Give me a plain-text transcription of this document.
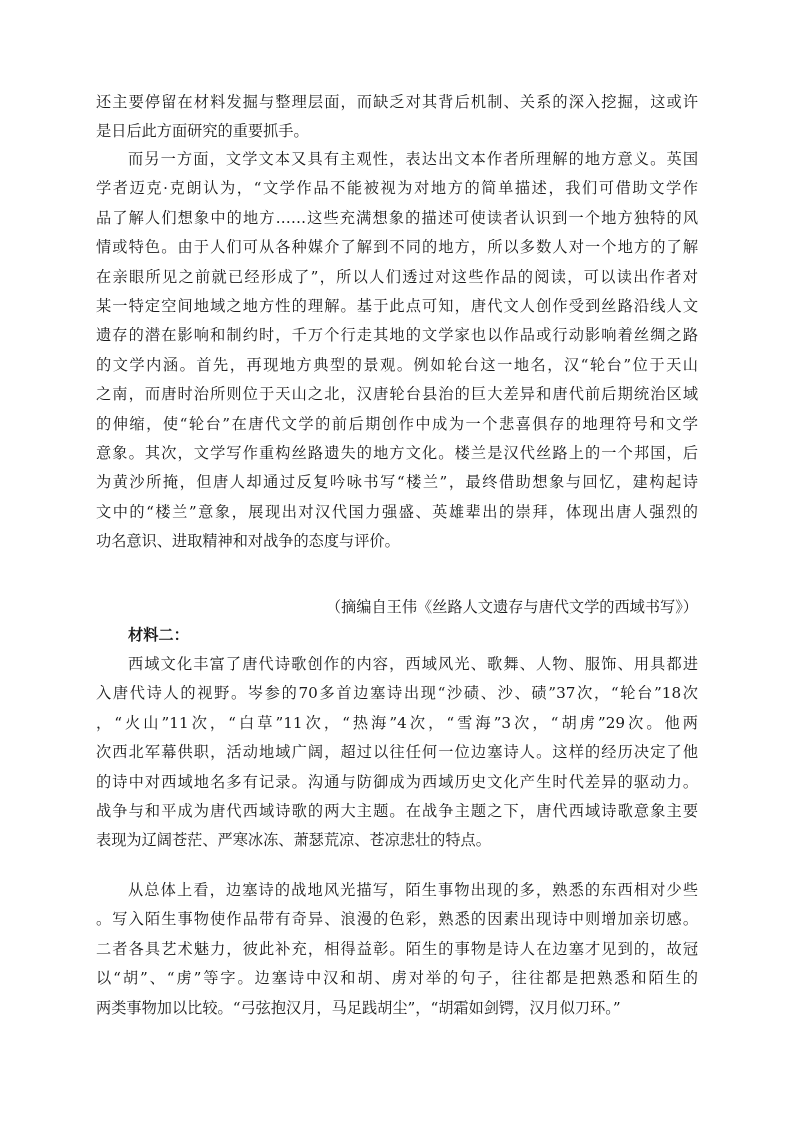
还主要停留在材料发掘与整理层面，而缺乏对其背后机制、关系的深入挖掘，这或许
是日后此方面研究的重要抓手。
而另一方面，文学文本又具有主观性，表达出文本作者所理解的地方意义。英国
学者迈克·克朗认为，“文学作品不能被视为对地方的简单描述，我们可借助文学作
品了解人们想象中的地方……这些充满想象的描述可使读者认识到一个地方独特的风
情或特色。由于人们可从各种媒介了解到不同的地方，所以多数人对一个地方的了解
在亲眼所见之前就已经形成了”，所以人们透过对这些作品的阅读，可以读出作者对
某一特定空间地域之地方性的理解。基于此点可知，唐代文人创作受到丝路沿线人文
遗存的潜在影响和制约时，千万个行走其地的文学家也以作品或行动影响着丝绸之路
的文学内涵。首先，再现地方典型的景观。例如轮台这一地名，汉“轮台”位于天山
之南，而唐时治所则位于天山之北，汉唐轮台县治的巨大差异和唐代前后期统治区域
的伸缩，使“轮台”在唐代文学的前后期创作中成为一个悲喜俱存的地理符号和文学
意象。其次，文学写作重构丝路遗失的地方文化。楼兰是汉代丝路上的一个邦国，后
为黄沙所掩，但唐人却通过反复吟咏书写“楼兰”，最终借助想象与回忆，建构起诗
文中的“楼兰”意象，展现出对汉代国力强盛、英雄辈出的崇拜，体现出唐人强烈的
功名意识、进取精神和对战争的态度与评价。
（摘编自王伟《丝路人文遗存与唐代文学的西域书写》）
材料二：
西域文化丰富了唐代诗歌创作的内容，西域风光、歌舞、人物、服饰、用具都进
入唐代诗人的视野。岑参的70多首边塞诗出现“沙碛、沙、碛”37次，“轮台”18次
，“火山”11次，“白草”11次，“热海”4次，“雪海”3次，“胡虏”29次。他两
次西北军幕供职，活动地域广阔，超过以往任何一位边塞诗人。这样的经历决定了他
的诗中对西域地名多有记录。沟通与防御成为西域历史文化产生时代差异的驱动力。
战争与和平成为唐代西域诗歌的两大主题。在战争主题之下，唐代西域诗歌意象主要
表现为辽阔苍茫、严寒冰冻、萧瑟荒凉、苍凉悲壮的特点。
从总体上看，边塞诗的战地风光描写，陌生事物出现的多，熟悉的东西相对少些
。写入陌生事物使作品带有奇异、浪漫的色彩，熟悉的因素出现诗中则增加亲切感。
二者各具艺术魅力，彼此补充，相得益彰。陌生的事物是诗人在边塞才见到的，故冠
以“胡”、“虏”等字。边塞诗中汉和胡、虏对举的句子，往往都是把熟悉和陌生的
两类事物加以比较。“弓弦抱汉月，马足践胡尘”，“胡霜如剑锷，汉月似刀环。”
